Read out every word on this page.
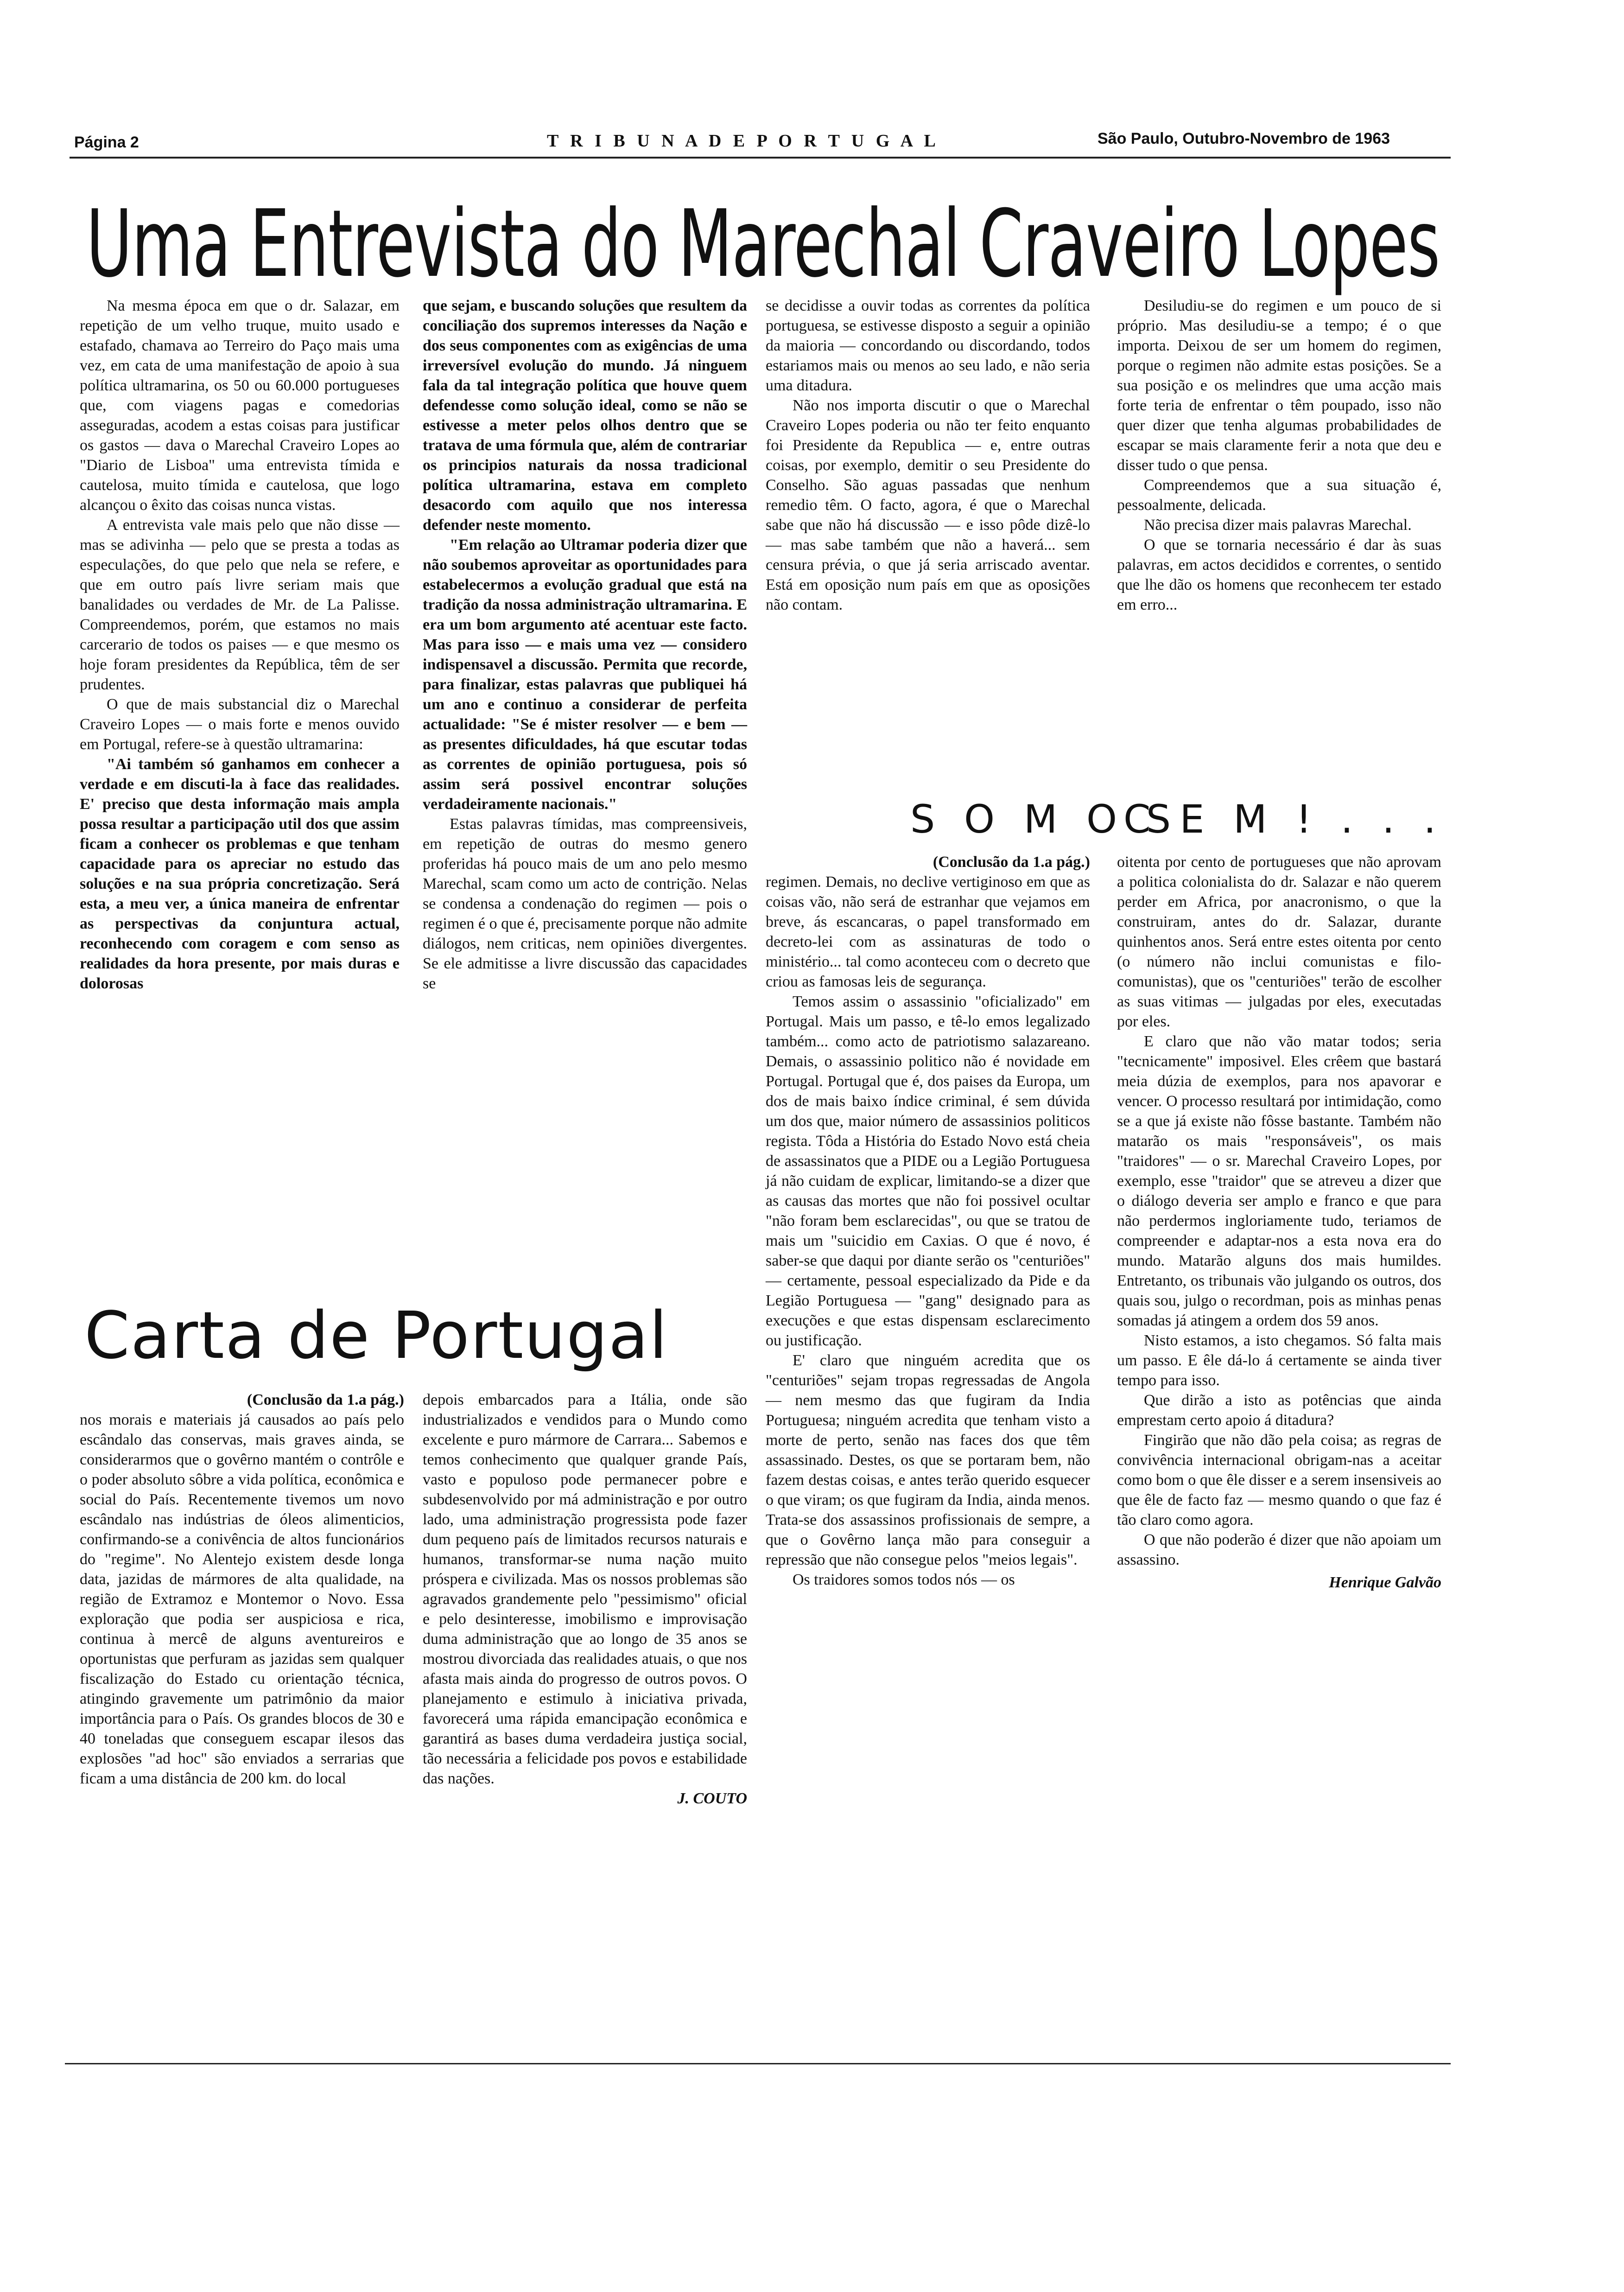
Página 2	T R I B U N A D E P O R T U G A L	São Paulo, Outubro-Novembro de 1963
Uma Entrevista do Marechal Craveiro Lopes

Na mesma época em que o dr. Salazar, em repetição de um velho truque, muito usado e estafado, chamava ao Terreiro do Paço mais uma vez, em cata de uma manifestação de apoio à sua política ultramarina, os 50 ou 60.000 portugueses que, com viagens pagas e comedorias asseguradas, acodem a estas coisas para justificar os gastos — dava o Marechal Craveiro Lopes ao "Diario de Lisboa" uma entrevista tímida e cautelosa, muito tímida e cautelosa, que logo alcançou o êxito das coisas nunca vistas.

A entrevista vale mais pelo que não disse — mas se adivinha — pelo que se presta a todas as especulações, do que pelo que nela se refere, e que em outro país livre seriam mais que banalidades ou verdades de Mr. de La Palisse. Compreendemos, porém, que estamos no mais carcerario de todos os paises — e que mesmo os hoje foram presidentes da República, têm de ser prudentes.

O que de mais substancial diz o Marechal Craveiro Lopes — o mais forte e menos ouvido em Portugal, refere-se à questão ultramarina:

"Ai também só ganhamos em conhecer a verdade e em discuti-la à face das realidades. E' preciso que desta informação mais ampla possa resultar a participação util dos que assim ficam a conhecer os problemas e que tenham capacidade para os apreciar no estudo das soluções e na sua própria concretização. Será esta, a meu ver, a única maneira de enfrentar as perspectivas da conjuntura actual, reconhecendo com coragem e com senso as realidades da hora presente, por mais duras e dolorosas

que sejam, e buscando soluções que resultem da conciliação dos supremos interesses da Nação e dos seus componentes com as exigências de uma irreversível evolução do mundo. Já ninguem fala da tal integração política que houve quem defendesse como solução ideal, como se não se estivesse a meter pelos olhos dentro que se tratava de uma fórmula que, além de contrariar os principios naturais da nossa tradicional política ultramarina, estava em completo desacordo com aquilo que nos interessa defender neste momento.

"Em relação ao Ultramar poderia dizer que não soubemos aproveitar as oportunidades para estabelecermos a evolução gradual que está na tradição da nossa administração ultramarina. E era um bom argumento até acentuar este facto. Mas para isso — e mais uma vez — considero indispensavel a discussão. Permita que recorde, para finalizar, estas palavras que publiquei há um ano e continuo a considerar de perfeita actualidade: "Se é mister resolver — e bem — as presentes dificuldades, há que escutar todas as correntes de opinião portuguesa, pois só assim será possivel encontrar soluções verdadeiramente nacionais."

Estas palavras tímidas, mas compreensiveis, em repetição de outras do mesmo genero proferidas há pouco mais de um ano pelo mesmo Marechal, scam como um acto de contrição. Nelas se condensa a condenação do regimen — pois o regimen é o que é, precisamente porque não admite diálogos, nem criticas, nem opiniões divergentes. Se ele admitisse a livre discussão das capacidades se

se decidisse a ouvir todas as correntes da política portuguesa, se estivesse disposto a seguir a opinião da maioria — concordando ou discordando, todos estariamos mais ou menos ao seu lado, e não seria uma ditadura.

Não nos importa discutir o que o Marechal Craveiro Lopes poderia ou não ter feito enquanto foi Presidente da Republica — e, entre outras coisas, por exemplo, demitir o seu Presidente do Conselho. São aguas passadas que nenhum remedio têm. O facto, agora, é que o Marechal sabe que não há discussão — e isso pôde dizê-lo — mas sabe também que não a haverá... sem censura prévia, o que já seria arriscado aventar. Está em oposição num país em que as oposições não contam.

Desiludiu-se do regimen e um pouco de si próprio. Mas desiludiu-se a tempo; é o que importa. Deixou de ser um homem do regimen, porque o regimen não admite estas posições. Se a sua posição e os melindres que uma acção mais forte teria de enfrentar o têm poupado, isso não quer dizer que tenha algumas probabilidades de escapar se mais claramente ferir a nota que deu e disser tudo o que pensa.

Compreendemos que a sua situação é, pessoalmente, delicada.

Não precisa dizer mais palavras Marechal.

O que se tornaria necessário é dar às suas palavras, em actos decididos e correntes, o sentido que lhe dão os homens que reconhecem ter estado em erro...

S O M O S
C E M ! . . .

(Conclusão da 1.a pág.)

regimen. Demais, no declive vertiginoso em que as coisas vão, não será de estranhar que vejamos em breve, ás escancaras, o papel transformado em decreto-lei com as assinaturas de todo o ministério... tal como aconteceu com o decreto que criou as famosas leis de segurança.

Temos assim o assassinio "oficializado" em Portugal. Mais um passo, e tê-lo emos legalizado também... como acto de patriotismo salazareano. Demais, o assassinio politico não é novidade em Portugal. Portugal que é, dos paises da Europa, um dos de mais baixo índice criminal, é sem dúvida um dos que, maior número de assassinios politicos regista. Tôda a História do Estado Novo está cheia de assassinatos que a PIDE ou a Legião Portuguesa já não cuidam de explicar, limitando-se a dizer que as causas das mortes que não foi possivel ocultar "não foram bem esclarecidas", ou que se tratou de mais um "suicidio em Caxias. O que é novo, é saber-se que daqui por diante serão os "centuriões" — certamente, pessoal especializado da Pide e da Legião Portuguesa — "gang" designado para as execuções e que estas dispensam esclarecimento ou justificação.

E' claro que ninguém acredita que os "centuriões" sejam tropas regressadas de Angola — nem mesmo das que fugiram da India Portuguesa; ninguém acredita que tenham visto a morte de perto, senão nas faces dos que têm assassinado. Destes, os que se portaram bem, não fazem destas coisas, e antes terão querido esquecer o que viram; os que fugiram da India, ainda menos. Trata-se dos assassinos profissionais de sempre, a que o Govêrno lança mão para conseguir a repressão que não consegue pelos "meios legais".

Os traidores somos todos nós — os

oitenta por cento de portugueses que não aprovam a politica colonialista do dr. Salazar e não querem perder em Africa, por anacronismo, o que la construiram, antes do dr. Salazar, durante quinhentos anos. Será entre estes oitenta por cento (o número não inclui comunistas e filo-comunistas), que os "centuriões" terão de escolher as suas vitimas — julgadas por eles, executadas por eles.

E claro que não vão matar todos; seria "tecnicamente" imposivel. Eles crêem que bastará meia dúzia de exemplos, para nos apavorar e vencer. O processo resultará por intimidação, como se a que já existe não fôsse bastante. Também não matarão os mais "responsáveis", os mais "traidores" — o sr. Marechal Craveiro Lopes, por exemplo, esse "traidor" que se atreveu a dizer que o diálogo deveria ser amplo e franco e que para não perdermos inglorіamente tudo, teriamos de compreender e adaptar-nos a esta nova era do mundo. Matarão alguns dos mais humildes. Entretanto, os tribunais vão julgando os outros, dos quais sou, julgo o recordman, pois as minhas penas somadas já atingem a ordem dos 59 anos.

Nisto estamos, a isto chegamos. Só falta mais um passo. E êle dá-lo á certamente se ainda tiver tempo para isso.

Que dirão a isto as potências que ainda emprestam certo apoio á ditadura?

Fingirão que não dão pela coisa; as regras de convivência internacional obrigam-nas a aceitar como bom o que êle disser e a serem insensiveis ao que êle de facto faz — mesmo quando o que faz é tão claro como agora.

O que não poderão é dizer que não apoiam um assassino.

Henrique Galvão

Carta de Portugal

(Conclusão da 1.a pág.)

nos morais e materiais já causados ao país pelo escândalo das conservas, mais graves ainda, se considerarmos que o govêrno mantém o contrôle e o poder absoluto sôbre a vida política, econômica e social do País. Recentemente tivemos um novo escândalo nas indústrias de óleos alimenticios, confirmando-se a conivência de altos funcionários do "regime". No Alentejo existem desde longa data, jazidas de mármores de alta qualidade, na região de Extramoz e Montemor o Novo. Essa exploração que podia ser auspiciosa e rica, continua à mercê de alguns aventureiros e oportunistas que perfuram as jazidas sem qualquer fiscalização do Estado cu orientação técnica, atingindo gravemente um patrimônio da maior importância para o País. Os grandes blocos de 30 e 40 toneladas que conseguem escapar ilesos das explosões "ad hoc" são enviados a serrarias que ficam a uma distância de 200 km. do local

depois embarcados para a Itália, onde são industrializados e vendidos para o Mundo como excelente e puro mármore de Carrara... Sabemos e temos conhecimento que qualquer grande País, vasto e populoso pode permanecer pobre e subdesenvolvido por má administração e por outro lado, uma administração progressista pode fazer dum pequeno país de limitados recursos naturais e humanos, transformar-se numa nação muito próspera e civilizada. Mas os nossos problemas são agravados grandemente pelo "pessimismo" oficial e pelo desinteresse, imobilismo e improvisação duma administração que ao longo de 35 anos se mostrou divorciada das realidades atuais, o que nos afasta mais ainda do progresso de outros povos. O planejamento e estimulo à iniciativa privada, favorecerá uma rápida emancipação econômica e garantirá as bases duma verdadeira justiça social, tão necessária a felicidade pos povos e estabilidade das nações.

J. COUTO
